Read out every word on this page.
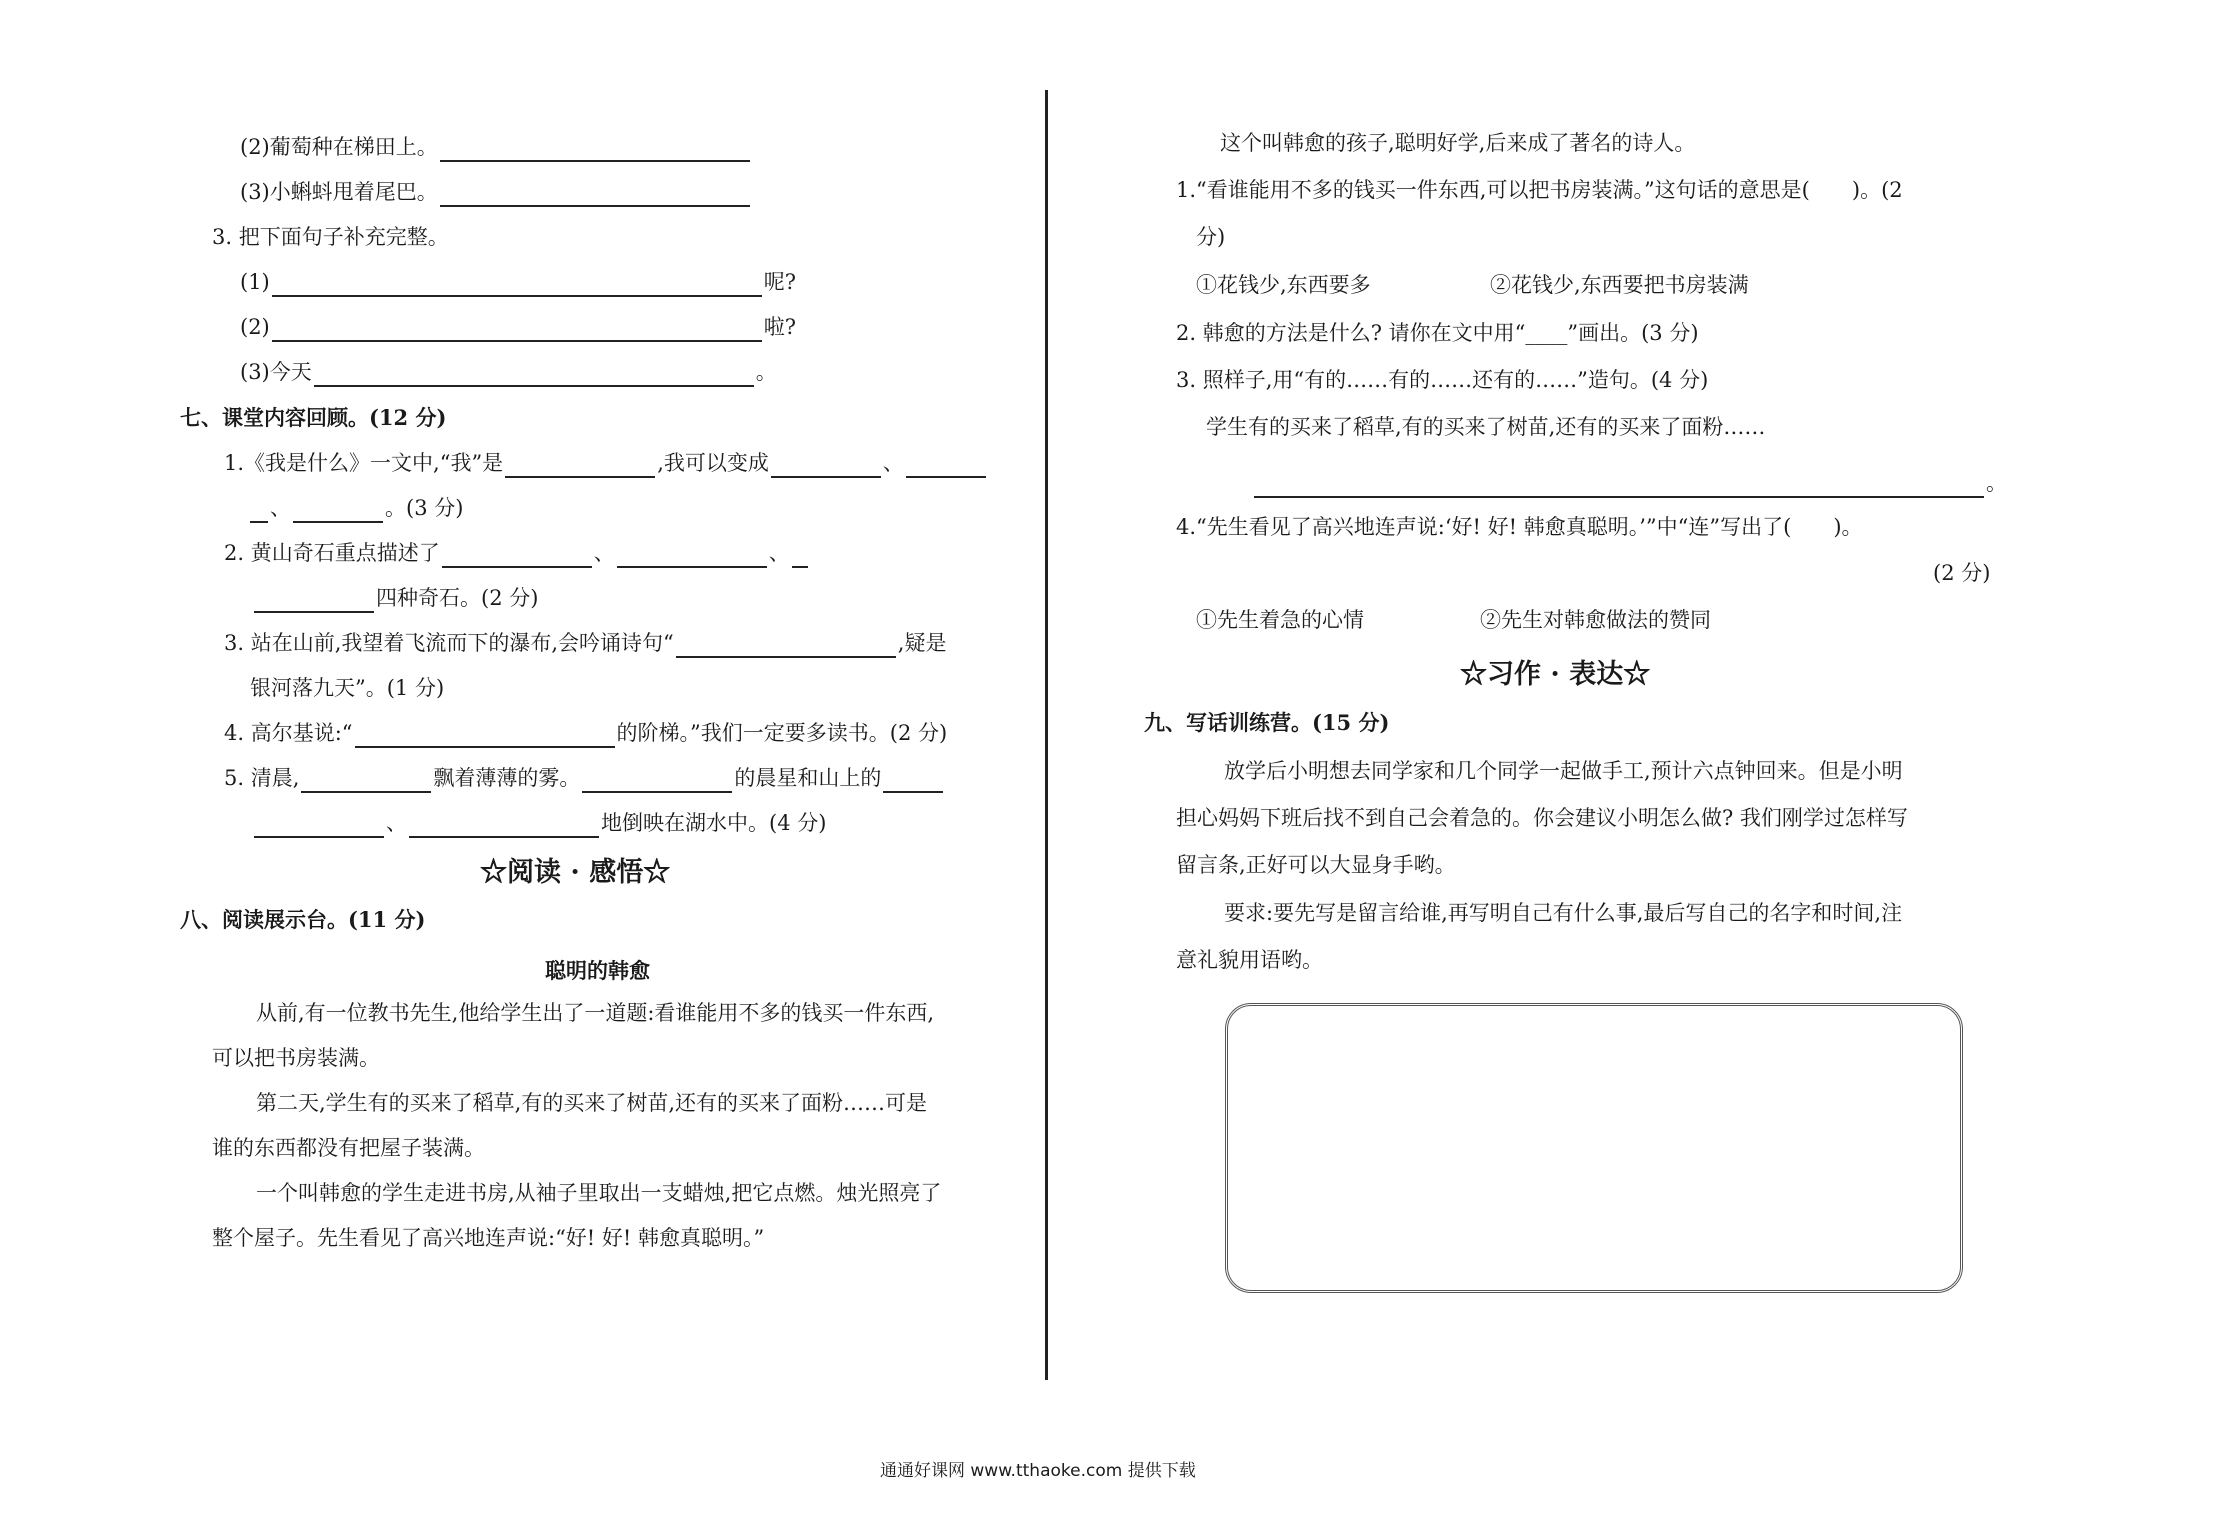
(2)葡萄种在梯田上。
(3)小蝌蚪甩着尾巴。
3. 把下面句子补充完整。
(1)	呢?
(2)	啦?
(3)今天	。
七、课堂内容回顾。(12 分)
1.《我是什么》一文中,“我”是	,我可以变成	、
、	。(3 分)
2. 黄山奇石重点描述了	、	、
四种奇石。(2 分)
3. 站在山前,我望着飞流而下的瀑布,会吟诵诗句“	,疑是
银河落九天”。(1 分)
4. 高尔基说:“	的阶梯。”我们一定要多读书。(2 分)
5. 清晨,	飘着薄薄的雾。	的晨星和山上的
、	地倒映在湖水中。(4 分)
☆阅读 · 感悟☆
八、阅读展示台。(11 分)
聪明的韩愈
从前,有一位教书先生,他给学生出了一道题:看谁能用不多的钱买一件东西,
可以把书房装满。
第二天,学生有的买来了稻草,有的买来了树苗,还有的买来了面粉……可是
谁的东西都没有把屋子装满。
一个叫韩愈的学生走进书房,从袖子里取出一支蜡烛,把它点燃。烛光照亮了
整个屋子。先生看见了高兴地连声说:“好! 好! 韩愈真聪明。”
这个叫韩愈的孩子,聪明好学,后来成了著名的诗人。
1.“看谁能用不多的钱买一件东西,可以把书房装满。”这句话的意思是(　　)。(2
分)
①花钱少,东西要多	②花钱少,东西要把书房装满
2. 韩愈的方法是什么? 请你在文中用“____”画出。(3 分)
3. 照样子,用“有的……有的……还有的……”造句。(4 分)
学生有的买来了稻草,有的买来了树苗,还有的买来了面粉……
。
4.“先生看见了高兴地连声说:‘好! 好! 韩愈真聪明。’”中“连”写出了(　　)。
(2 分)
①先生着急的心情	②先生对韩愈做法的赞同
☆习作 · 表达☆
九、写话训练营。(15 分)
放学后小明想去同学家和几个同学一起做手工,预计六点钟回来。但是小明
担心妈妈下班后找不到自己会着急的。你会建议小明怎么做? 我们刚学过怎样写
留言条,正好可以大显身手哟。
要求:要先写是留言给谁,再写明自己有什么事,最后写自己的名字和时间,注
意礼貌用语哟。
通通好课网 www.tthaoke.com 提供下载
